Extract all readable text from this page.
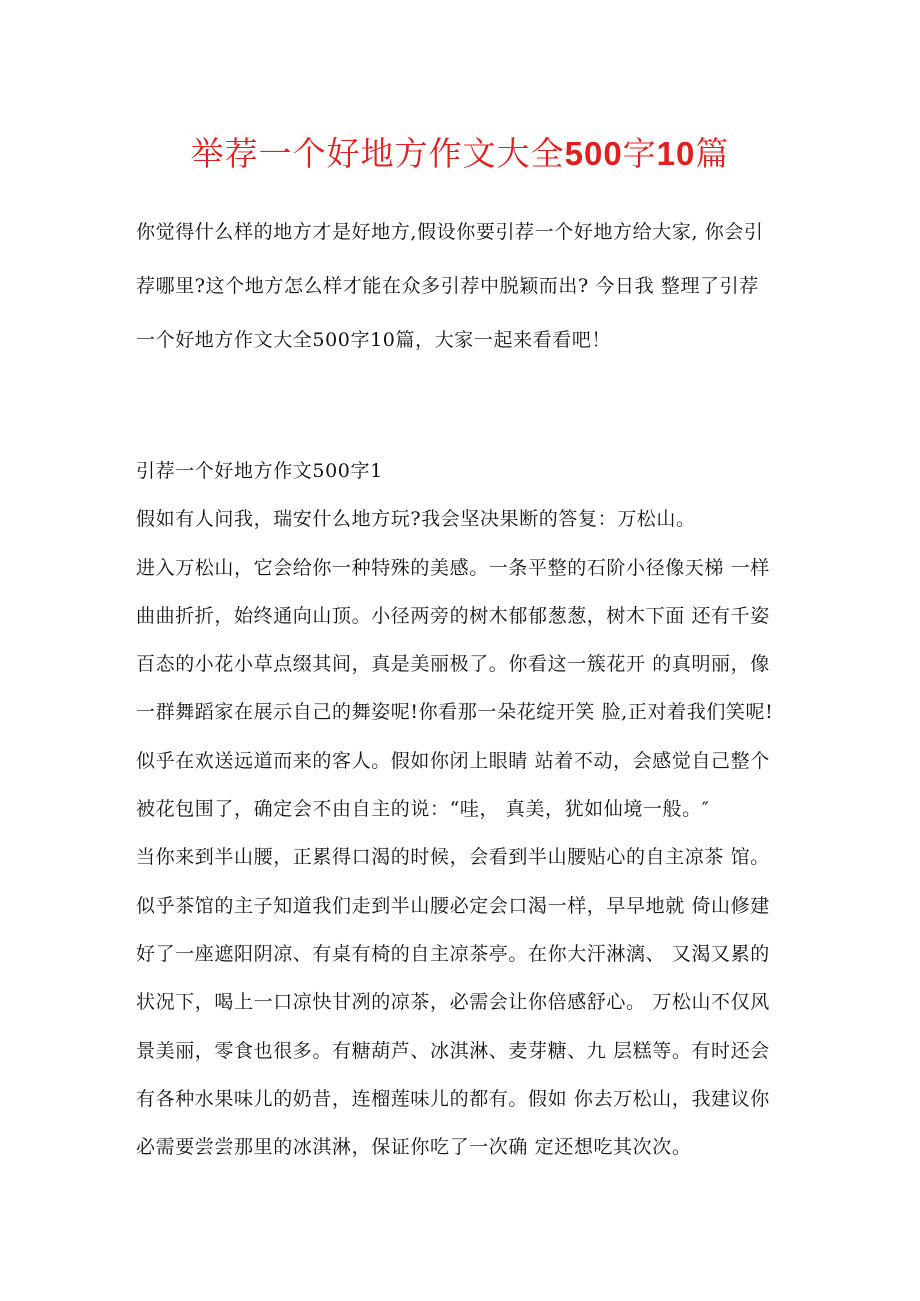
举荐一个好地方作文大全500字10篇
你觉得什么样的地方才是好地方,假设你要引荐一个好地方给大家, 你会引
荐哪里?这个地方怎么样才能在众多引荐中脱颖而出? 今日我 整理了引荐
一个好地方作文大全500字10篇，大家一起来看看吧！
引荐一个好地方作文500字1
假如有人问我，瑞安什么地方玩?我会坚决果断的答复：万松山。
进入万松山，它会给你一种特殊的美感。一条平整的石阶小径像天梯 一样
曲曲折折，始终通向山顶。小径两旁的树木郁郁葱葱，树木下面 还有千姿
百态的小花小草点缀其间，真是美丽极了。你看这一簇花开 的真明丽，像
一群舞蹈家在展示自己的舞姿呢!你看那一朵花绽开笑 脸,正对着我们笑呢!
似乎在欢送远道而来的客人。假如你闭上眼睛 站着不动，会感觉自己整个
被花包围了，确定会不由自主的说：“哇， 真美，犹如仙境一般。″
当你来到半山腰，正累得口渴的时候，会看到半山腰贴心的自主凉茶 馆。
似乎茶馆的主子知道我们走到半山腰必定会口渴一样，早早地就 倚山修建
好了一座遮阳阴凉、有桌有椅的自主凉茶亭。在你大汗淋漓、 又渴又累的
状况下，喝上一口凉快甘冽的凉茶，必需会让你倍感舒心。 万松山不仅风
景美丽，零食也很多。有糖葫芦、冰淇淋、麦芽糖、九 层糕等。有时还会
有各种水果味儿的奶昔，连榴莲味儿的都有。假如 你去万松山，我建议你
必需要尝尝那里的冰淇淋，保证你吃了一次确 定还想吃其次次。
